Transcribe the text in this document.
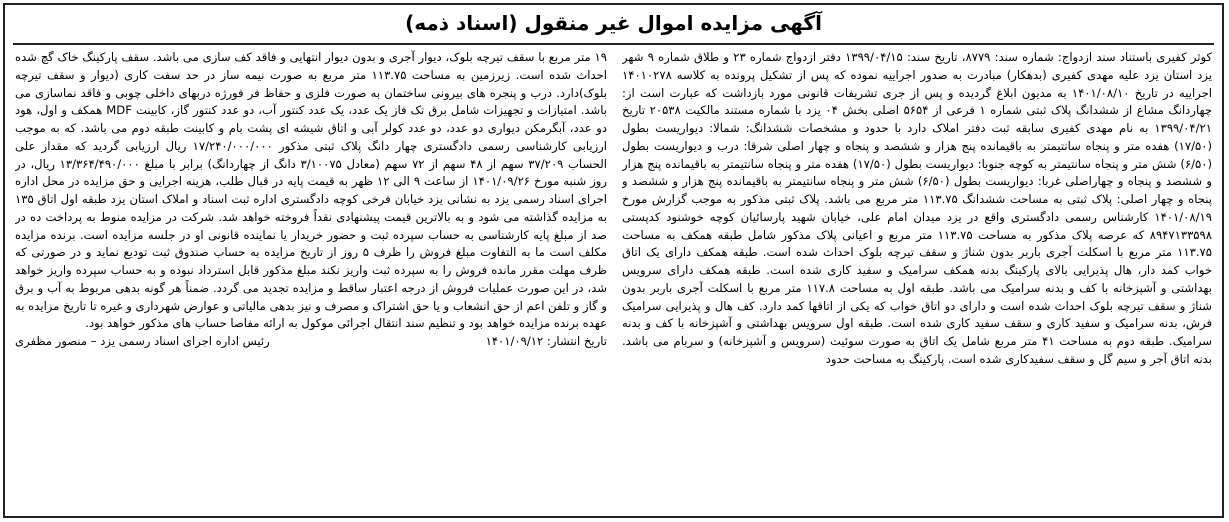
آگهی مزایده اموال غیر منقول (اسناد ذمه)

کوثر کفیری باستناد سند ازدواج: شماره سند: ۸۷۷۹، تاریخ سند: ۱۳۹۹/۰۴/۱۵ دفتر ازدواج شماره ۲۳ و طلاق شماره ۹ شهر یزد استان یزد علیه مهدی کفیری (بدهکار) مبادرت به صدور اجراییه نموده که پس از تشکیل پرونده به کلاسه ۱۴۰۱۰۲۷۸ اجراییه در تاریخ ۱۴۰۱/۰۸/۱۰ به مدیون ابلاغ گردیده و پس از جری تشریفات قانونی مورد بازداشت که عبارت است از: چهاردانگ مشاع از ششدانگ پلاک ثبتی شماره ۱ فرعی از ۵۶۵۴ اصلی بخش ۰۴ یزد با شماره مستند مالکیت ۲۰۵۳۸ تاریخ ۱۳۹۹/۰۴/۲۱ به نام مهدی کفیری سابقه ثبت دفتر املاک دارد با حدود و مشخصات ششدانگ: شمالا: دیواریست بطول (۱۷/۵۰) هفده متر و پنجاه سانتیمتر به باقیمانده پنج هزار و ششصد و پنجاه و چهار اصلی شرقا: درب و دیواریست بطول (۶/۵۰) شش متر و پنجاه سانتیمتر به کوچه جنوبا: دیواریست بطول (۱۷/۵۰) هفده متر و پنجاه سانتیمتر به باقیمانده پنج هزار و ششصد و پنجاه و چهاراصلی غربا: دیواریست بطول (۶/۵۰) شش متر و پنجاه سانتیمتر به باقیمانده پنج هزار و ششصد و پنجاه و چهار اصلی: پلاک ثبتی به مساحت ششدانگ ۱۱۳.۷۵ متر مربع می باشد. پلاک ثبتی مذکور به موجب گزارش مورخ ۱۴۰۱/۰۸/۱۹ کارشناس رسمی دادگستری واقع در یزد میدان امام علی، خیابان شهید پارسائیان کوچه خوشنود کدپستی ۸۹۴۷۱۳۳۵۹۸ که عرصه پلاک مذکور به مساحت ۱۱۳.۷۵ متر مربع و اعیانی پلاک مذکور شامل طبقه همکف به مساحت ۱۱۳.۷۵ متر مربع با اسکلت آجری باربر بدون شناژ و سقف تیرچه بلوک احداث شده است. طبقه همکف دارای یک اتاق خواب کمد دار، هال پذیرایی بالای پارکینگ بدنه همکف سرامیک و سفید کاری شده است. طبقه همکف دارای سرویس بهداشتی و آشپزخانه با کف و بدنه سرامیک می باشد. طبقه اول به مساحت ۱۱۷.۸ متر مربع با اسکلت آجری باربر بدون شناژ و سقف تیرچه بلوک احداث شده است و دارای دو اتاق خواب که یکی از اتاقها کمد دارد. کف هال و پذیرایی سرامیک فرش، بدنه سرامیک و سفید کاری و سقف سفید کاری شده است. طبقه اول سرویس بهداشتی و آشپزخانه با کف و بدنه سرامیک. طبقه دوم به مساحت ۴۱ متر مربع شامل یک اتاق به صورت سوئیت (سرویس و آشپزخانه) و سربام می باشد. بدنه اتاق آجر و سیم گل و سقف سفیدکاری شده است. پارکینگ به مساحت حدود

۱۹ متر مربع با سقف تیرچه بلوک، دیوار آجری و بدون دیوار انتهایی و فاقد کف سازی می باشد. سقف پارکینگ خاک گچ شده احداث شده است. زیرزمین به مساحت ۱۱۳.۷۵ متر مربع به صورت نیمه ساز در حد سفت کاری (دیوار و سقف تیرچه بلوک)دارد. درب و پنجره های بیرونی ساختمان به صورت فلزی و حفاظ فر فورژه دربهای داخلی چوبی و فاقد نماسازی می باشد. امتیازات و تجهیزات شامل برق تک فاز یک عدد، یک عدد کنتور آب، دو عدد کنتور گاز، کابینت MDF همکف و اول، هود دو عدد، آبگرمکن دیواری دو عدد، دو عدد کولر آبی و اتاق شیشه ای پشت بام و کابینت طبقه دوم می باشد. که به موجب ارزیابی کارشناسی رسمی دادگستری چهار دانگ پلاک ثبتی مذکور ۱۷/۲۴۰/۰۰۰/۰۰۰ ریال ارزیابی گردید که مقدار علی الحساب ۳۷/۲۰۹ سهم از ۴۸ سهم از ۷۲ سهم (معادل ۳/۱۰۰۷۵ دانگ از چهاردانگ) برابر با مبلغ ۱۳/۳۶۴/۴۹۰/۰۰۰ ریال، در روز شنبه مورخ ۱۴۰۱/۰۹/۲۶ از ساعت ۹ الی ۱۲ ظهر به قیمت پایه در قبال طلب، هزینه اجرایی و حق مزایده در محل اداره اجرای اسناد رسمی یزد به نشانی یزد خیابان فرخی کوچه دادگستری اداره ثبت اسناد و املاک استان یزد طبقه اول اتاق ۱۳۵ به مزایده گذاشته می شود و به بالاترین قیمت پیشنهادی نقداً فروخته خواهد شد. شرکت در مزایده منوط به پرداخت ده در صد از مبلغ پایه کارشناسی به حساب سپرده ثبت و حضور خریدار یا نماینده قانونی او در جلسه مزایده است. برنده مزایده مکلف است ما به التفاوت مبلغ فروش را ظرف ۵ روز از تاریخ مزایده به حساب صندوق ثبت تودیع نماید و در صورتی که ظرف مهلت مقرر مانده فروش را به سپرده ثبت واریز نکند مبلغ مذکور قابل استرداد نبوده و به حساب سپرده واریز خواهد شد، در این صورت عملیات فروش از درجه اعتبار ساقط و مزایده تجدید می گردد. ضمناً هر گونه بدهی مربوط به آب و برق و گاز و تلفن اعم از حق انشعاب و یا حق اشتراک و مصرف و نیز بدهی مالیاتی و عوارض شهرداری و غیره تا تاریخ مزایده به عهده برنده مزایده خواهد بود و تنظیم سند انتقال اجرائی موکول به ارائه مفاصا حساب های مذکور خواهد بود.

تاریخ انتشار: ۱۴۰۱/۰۹/۱۲
رئیس اداره اجرای اسناد رسمی یزد – منصور مظفری
